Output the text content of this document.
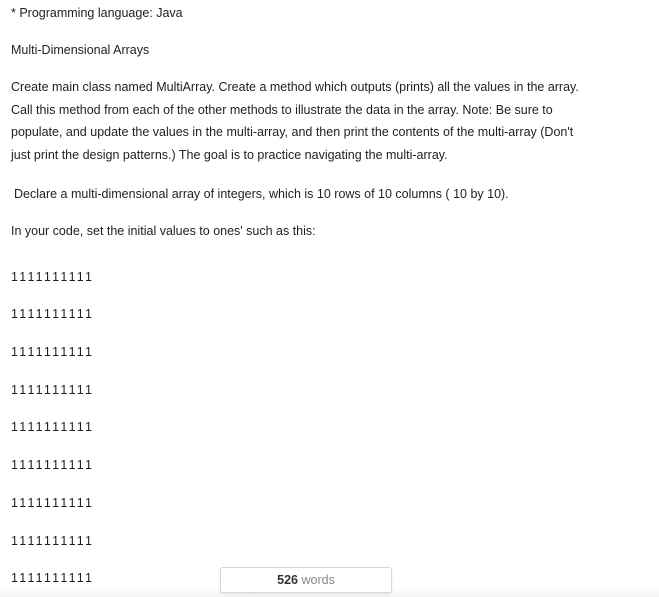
* Programming language: Java
Multi-Dimensional Arrays
Create main class named MultiArray. Create a method which outputs (prints) all the values in the array.
Call this method from each of the other methods to illustrate the data in the array. Note: Be sure to
populate, and update the values in the multi-array, and then print the contents of the multi-array (Don't
just print the design patterns.) The goal is to practice navigating the multi-array.
Declare a multi-dimensional array of integers, which is 10 rows of 10 columns ( 10 by 10).
In your code, set the initial values to ones' such as this:
1111111111
1111111111
1111111111
1111111111
1111111111
1111111111
1111111111
1111111111
1111111111	526 words
